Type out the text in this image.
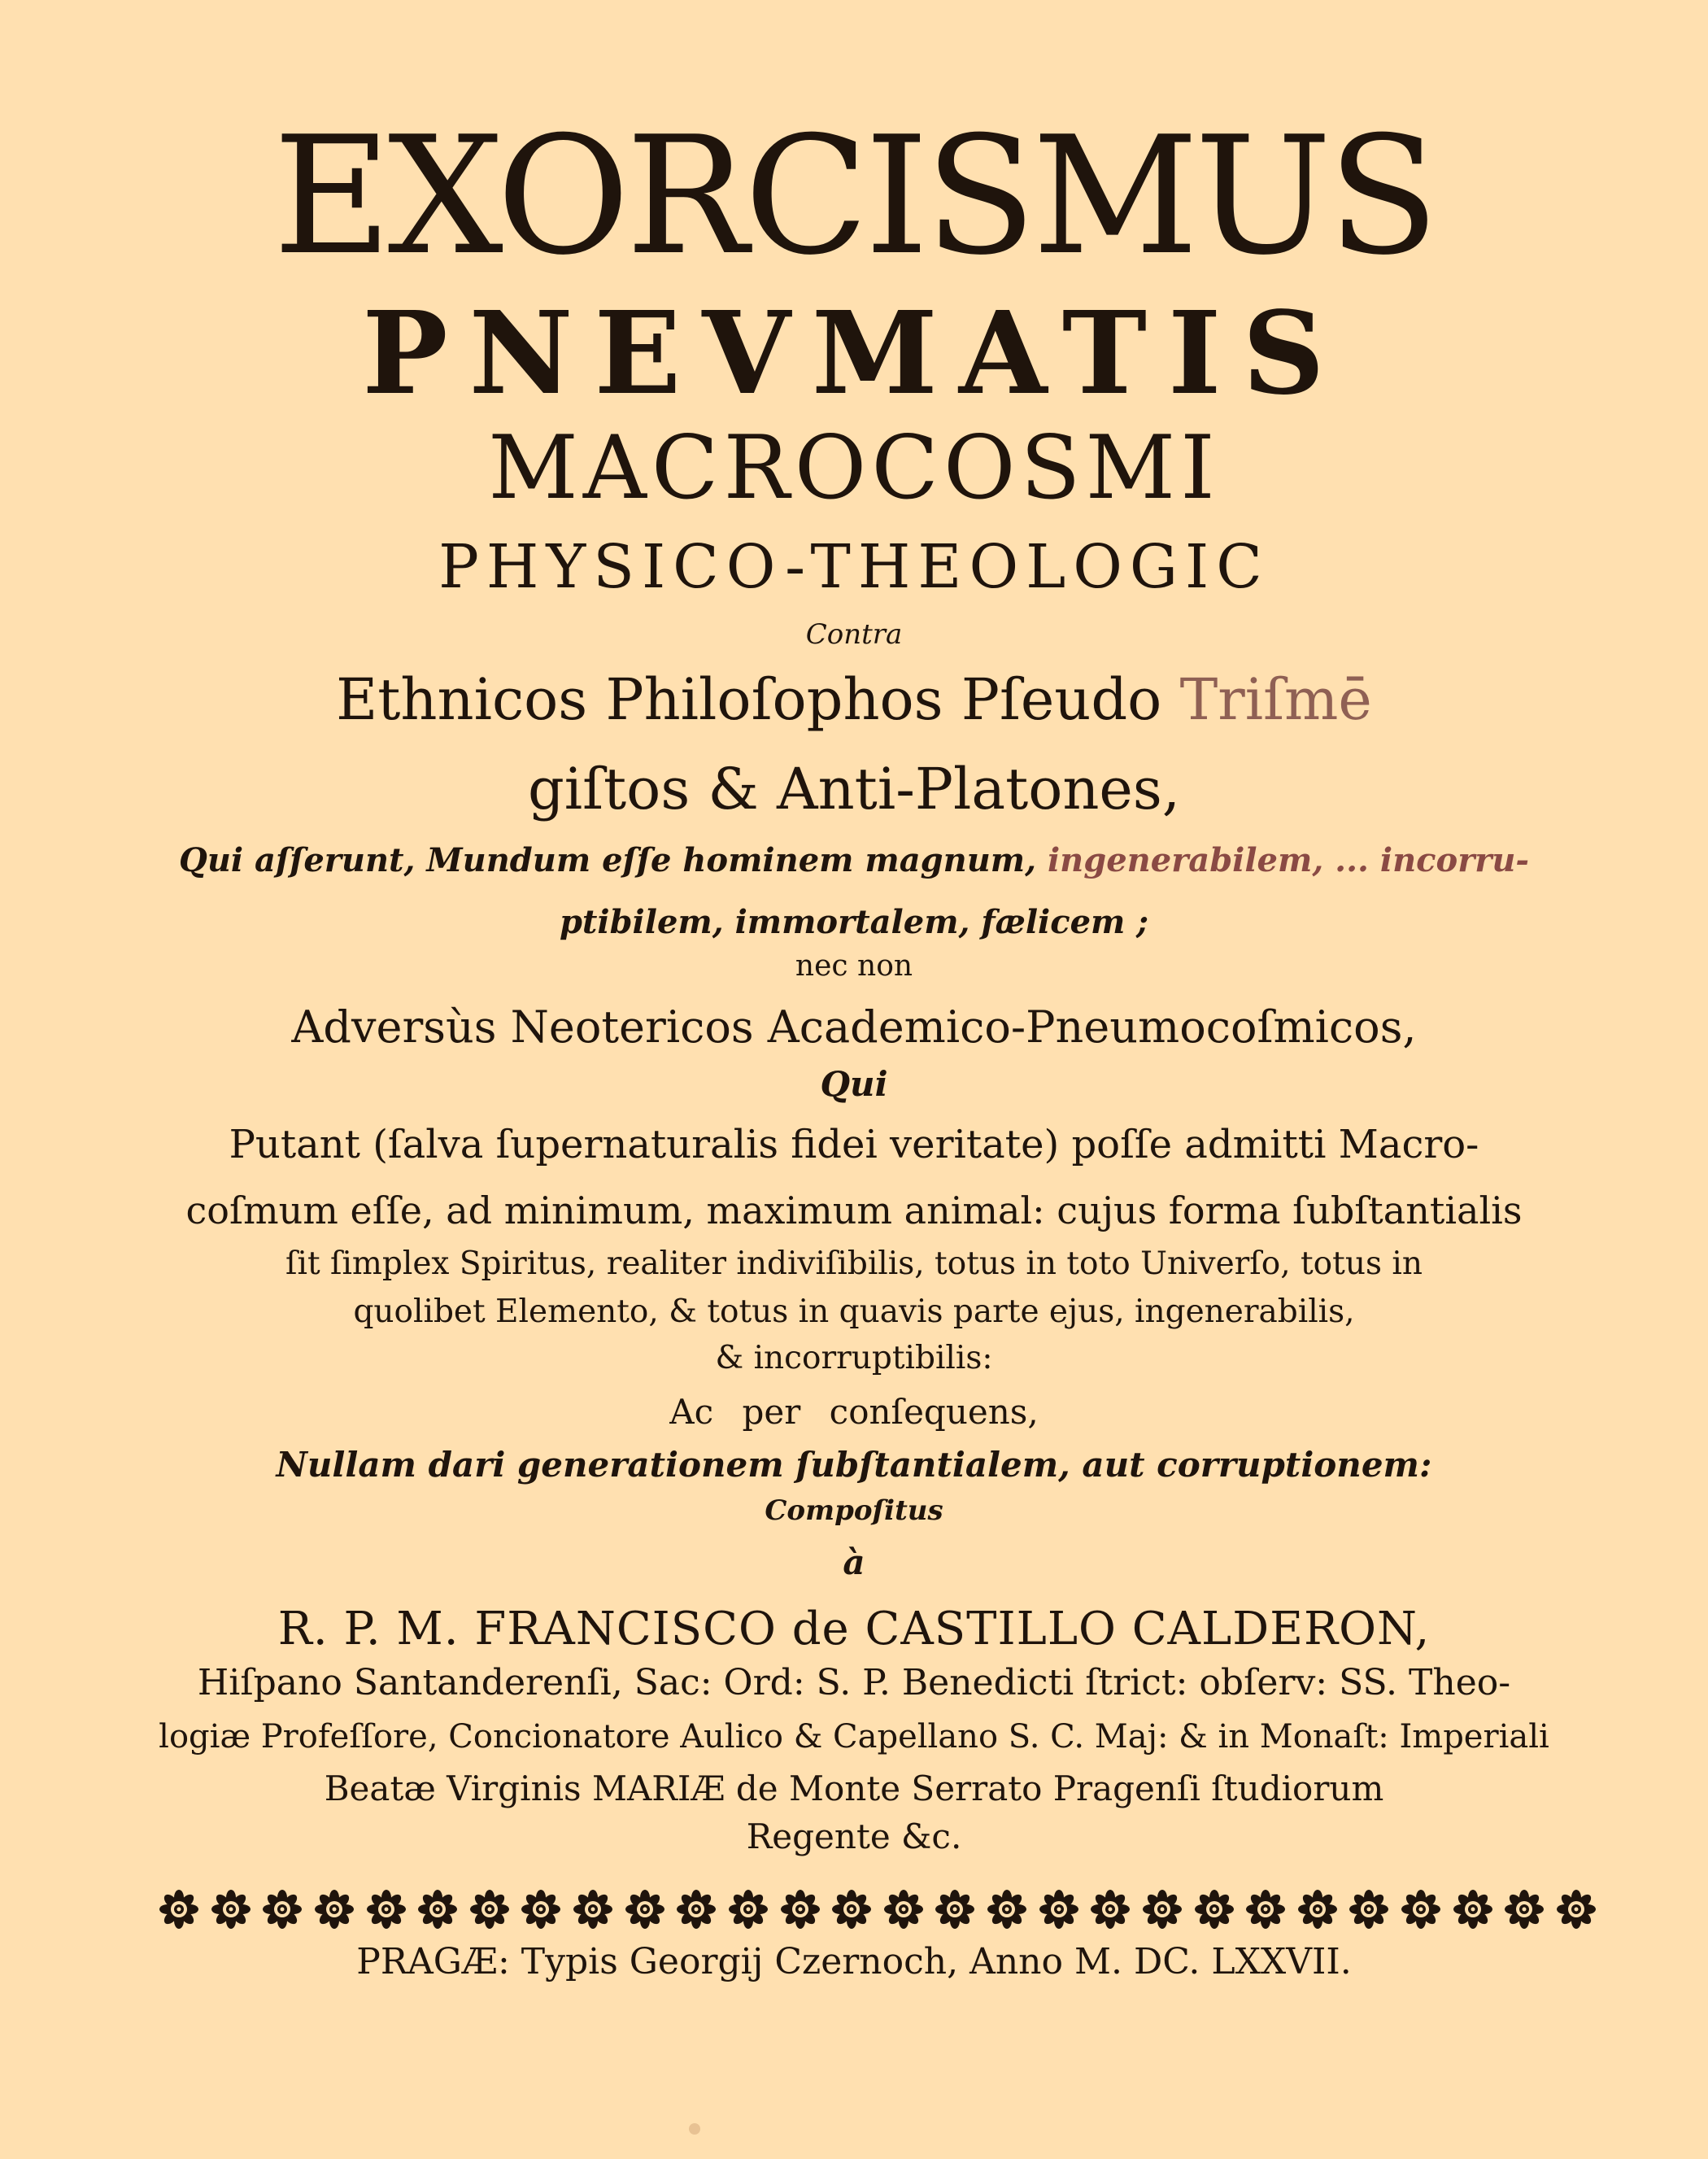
EXORCISMUS
PNEVMATIS
MACROCOSMI
PHYSICO-THEOLOGIC
Contra
Ethnicos Philoſophos Pſeudo Triſmē
giſtos & Anti-Platones,
Qui aſſerunt, Mundum eſſe hominem magnum, ingenerabilem, ... incorru-
ptibilem, immortalem, fælicem ;
nec non
Adversùs Neotericos Academico-Pneumocoſmicos,
Qui
Putant (ſalva ſupernaturalis fidei veritate) poſſe admitti Macro-
coſmum eſſe, ad minimum, maximum animal: cujus forma ſubſtantialis
ſit ſimplex Spiritus, realiter indiviſibilis, totus in toto Univerſo, totus in
quolibet Elemento, & totus in quavis parte ejus, ingenerabilis,
& incorruptibilis:
Ac per conſequens,
Nullam dari generationem ſubſtantialem, aut corruptionem:
Compoſitus
à
R. P. M. FRANCISCO de CASTILLO CALDERON,
Hiſpano Santanderenſi, Sac: Ord: S. P. Benedicti ſtrict: obſerv: SS. Theo-
logiæ Profeſſore, Concionatore Aulico & Capellano S. C. Maj: & in Monaſt: Imperiali
Beatæ Virginis MARIÆ de Monte Serrato Pragenſi ſtudiorum
Regente &c.
PRAGÆ: Typis Georgij Czernoch, Anno M. DC. LXXVII.
